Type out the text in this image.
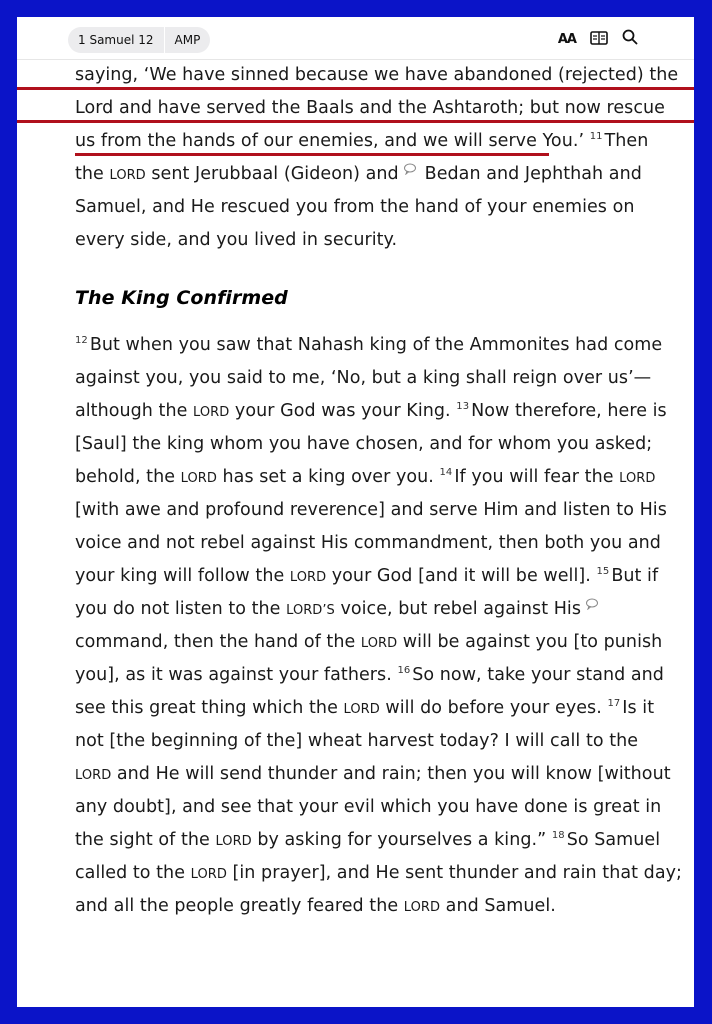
1 Samuel 12 AMP	AA
saying, ‘We have sinned because we have abandoned (rejected) the
Lord and have served the Baals and the Ashtaroth; but now rescue
us from the hands of our enemies, and we will serve You.’ $^{11}$ Then
the LORD sent Jerubbaal (Gideon) and Bedan and Jephthah and
Samuel, and He rescued you from the hand of your enemies on
every side, and you lived in security.
The King Confirmed
$^{12}$ But when you saw that Nahash king of the Ammonites had come
against you, you said to me, ‘No, but a king shall reign over us’—
although the LORD your God was your King. $^{13}$ Now therefore, here is
[Saul] the king whom you have chosen, and for whom you asked;
behold, the LORD has set a king over you. $^{14}$ If you will fear the LORD
[with awe and profound reverence] and serve Him and listen to His
voice and not rebel against His commandment, then both you and
your king will follow the LORD your God [and it will be well]. $^{15}$ But if
you do not listen to the LORD’S voice, but rebel against His
command, then the hand of the LORD will be against you [to punish
you], as it was against your fathers. $^{16}$ So now, take your stand and
see this great thing which the LORD will do before your eyes. $^{17}$ Is it
not [the beginning of the] wheat harvest today? I will call to the
LORD and He will send thunder and rain; then you will know [without
any doubt], and see that your evil which you have done is great in
the sight of the LORD by asking for yourselves a king.” $^{18}$ So Samuel
called to the LORD [in prayer], and He sent thunder and rain that day;
and all the people greatly feared the LORD and Samuel.
